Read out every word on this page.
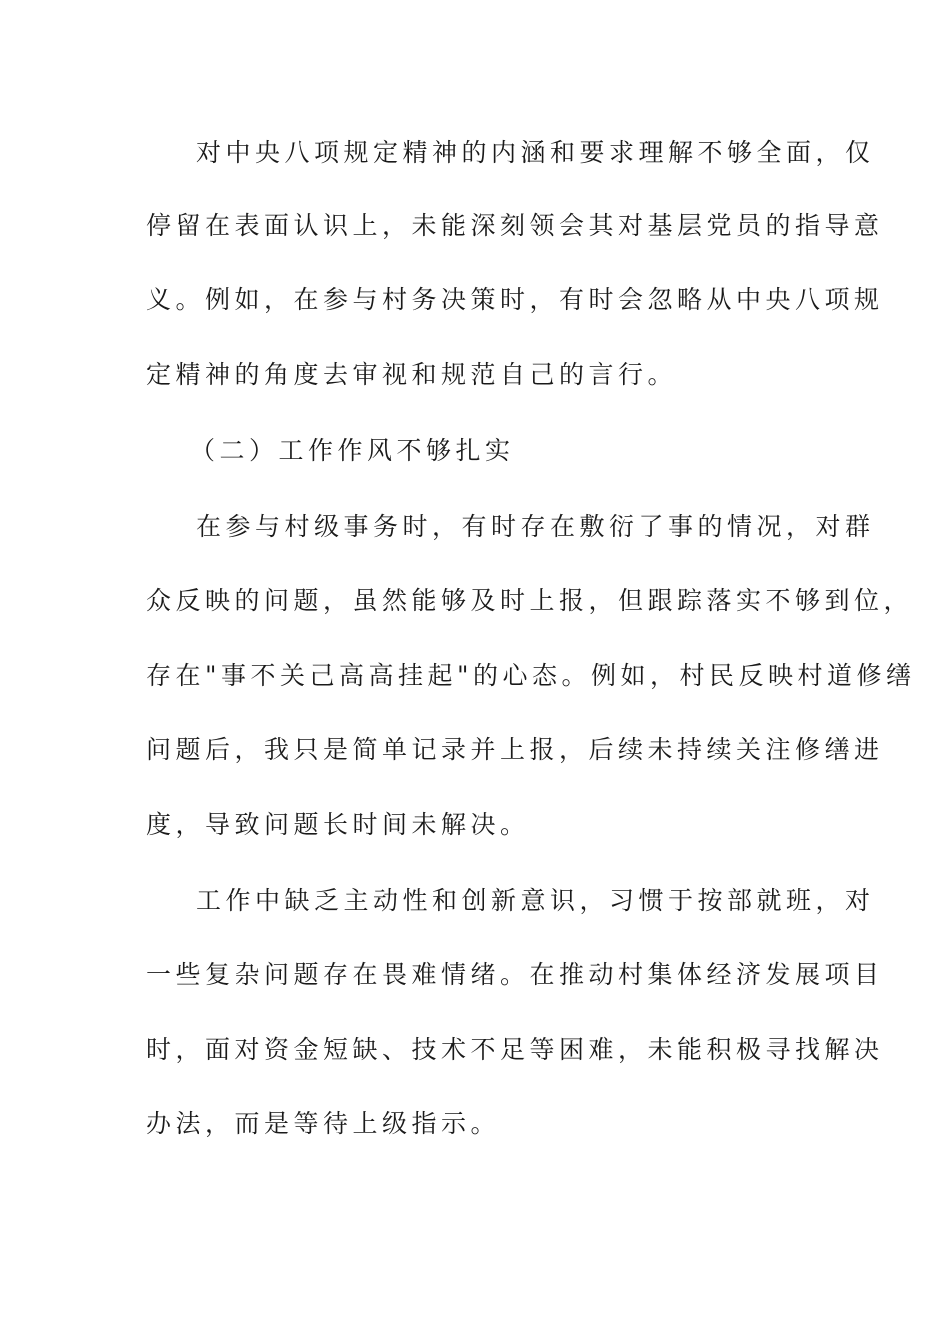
对中央八项规定精神的内涵和要求理解不够全面，仅
停留在表面认识上，未能深刻领会其对基层党员的指导意
义。例如，在参与村务决策时，有时会忽略从中央八项规
定精神的角度去审视和规范自己的言行。
（二）工作作风不够扎实
在参与村级事务时，有时存在敷衍了事的情况，对群
众反映的问题，虽然能够及时上报，但跟踪落实不够到位，
存在"事不关己高高挂起"的心态。例如，村民反映村道修缮
问题后，我只是简单记录并上报，后续未持续关注修缮进
度，导致问题长时间未解决。
工作中缺乏主动性和创新意识，习惯于按部就班，对
一些复杂问题存在畏难情绪。在推动村集体经济发展项目
时，面对资金短缺、技术不足等困难，未能积极寻找解决
办法，而是等待上级指示。
